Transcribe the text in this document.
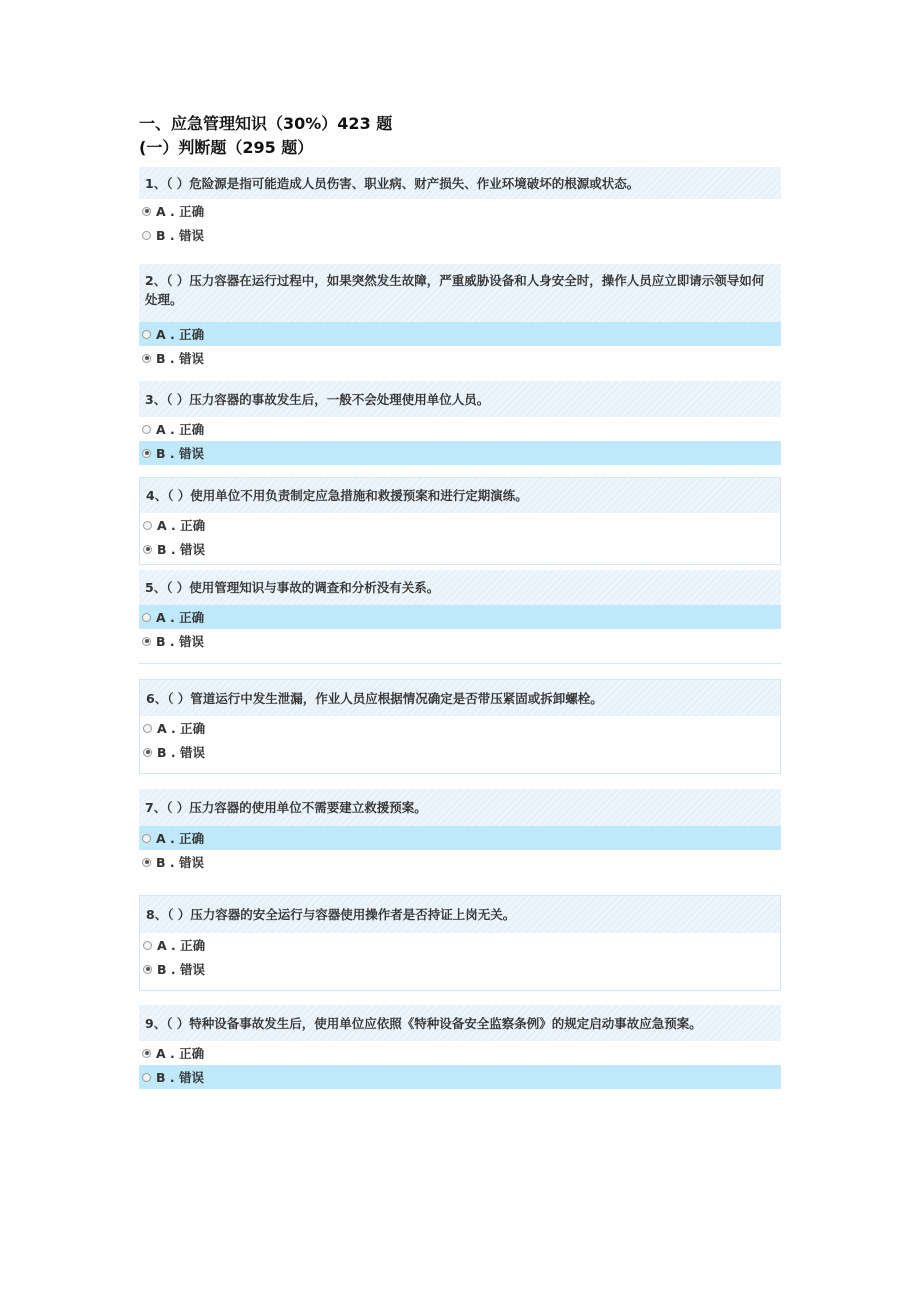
一、应急管理知识（30%）423 题
(一）判断题（295 题）
1、（ ）危险源是指可能造成人员伤害、职业病、财产损失、作业环境破坏的根源或状态。
A . 正确
B . 错误
2、（ ）压力容器在运行过程中，如果突然发生故障，严重威胁设备和人身安全时，操作人员应立即请示领导如何处理。
A . 正确
B . 错误
3、（ ）压力容器的事故发生后，一般不会处理使用单位人员。
A . 正确
B . 错误
4、（ ）使用单位不用负责制定应急措施和救援预案和进行定期演练。
A . 正确
B . 错误
5、（ ）使用管理知识与事故的调查和分析没有关系。
A . 正确
B . 错误
6、（ ）管道运行中发生泄漏，作业人员应根据情况确定是否带压紧固或拆卸螺栓。
A . 正确
B . 错误
7、（ ）压力容器的使用单位不需要建立救援预案。
A . 正确
B . 错误
8、（ ）压力容器的安全运行与容器使用操作者是否持证上岗无关。
A . 正确
B . 错误
9、（ ）特种设备事故发生后，使用单位应依照《特种设备安全监察条例》的规定启动事故应急预案。
A . 正确
B . 错误
